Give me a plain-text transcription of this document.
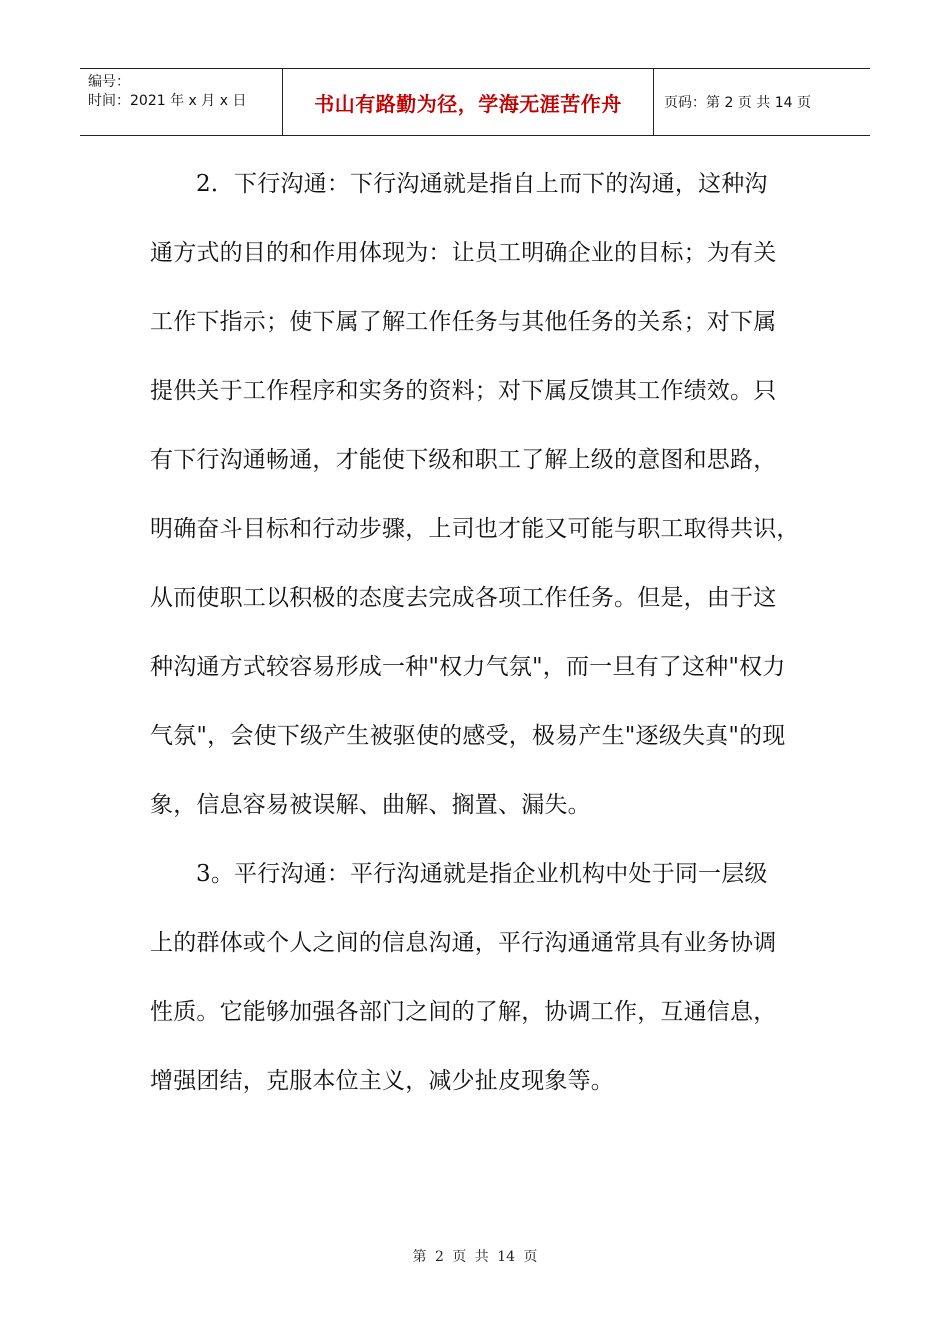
编号：
时间：2021 年 x 月 x 日	书山有路勤为径，学海无涯苦作舟	页码：第 2 页 共 14 页

2．下行沟通：下行沟通就是指自上而下的沟通，这种沟

通方式的目的和作用体现为：让员工明确企业的目标；为有关

工作下指示；使下属了解工作任务与其他任务的关系；对下属

提供关于工作程序和实务的资料；对下属反馈其工作绩效。只

有下行沟通畅通，才能使下级和职工了解上级的意图和思路，

明确奋斗目标和行动步骤，上司也才能又可能与职工取得共识，

从而使职工以积极的态度去完成各项工作任务。但是，由于这

种沟通方式较容易形成一种"权力气氛"，而一旦有了这种"权力

气氛"，会使下级产生被驱使的感受，极易产生"逐级失真"的现

象，信息容易被误解、曲解、搁置、漏失。

3。平行沟通：平行沟通就是指企业机构中处于同一层级

上的群体或个人之间的信息沟通，平行沟通通常具有业务协调

性质。它能够加强各部门之间的了解，协调工作，互通信息，

增强团结，克服本位主义，减少扯皮现象等。

第 2 页 共 14 页
